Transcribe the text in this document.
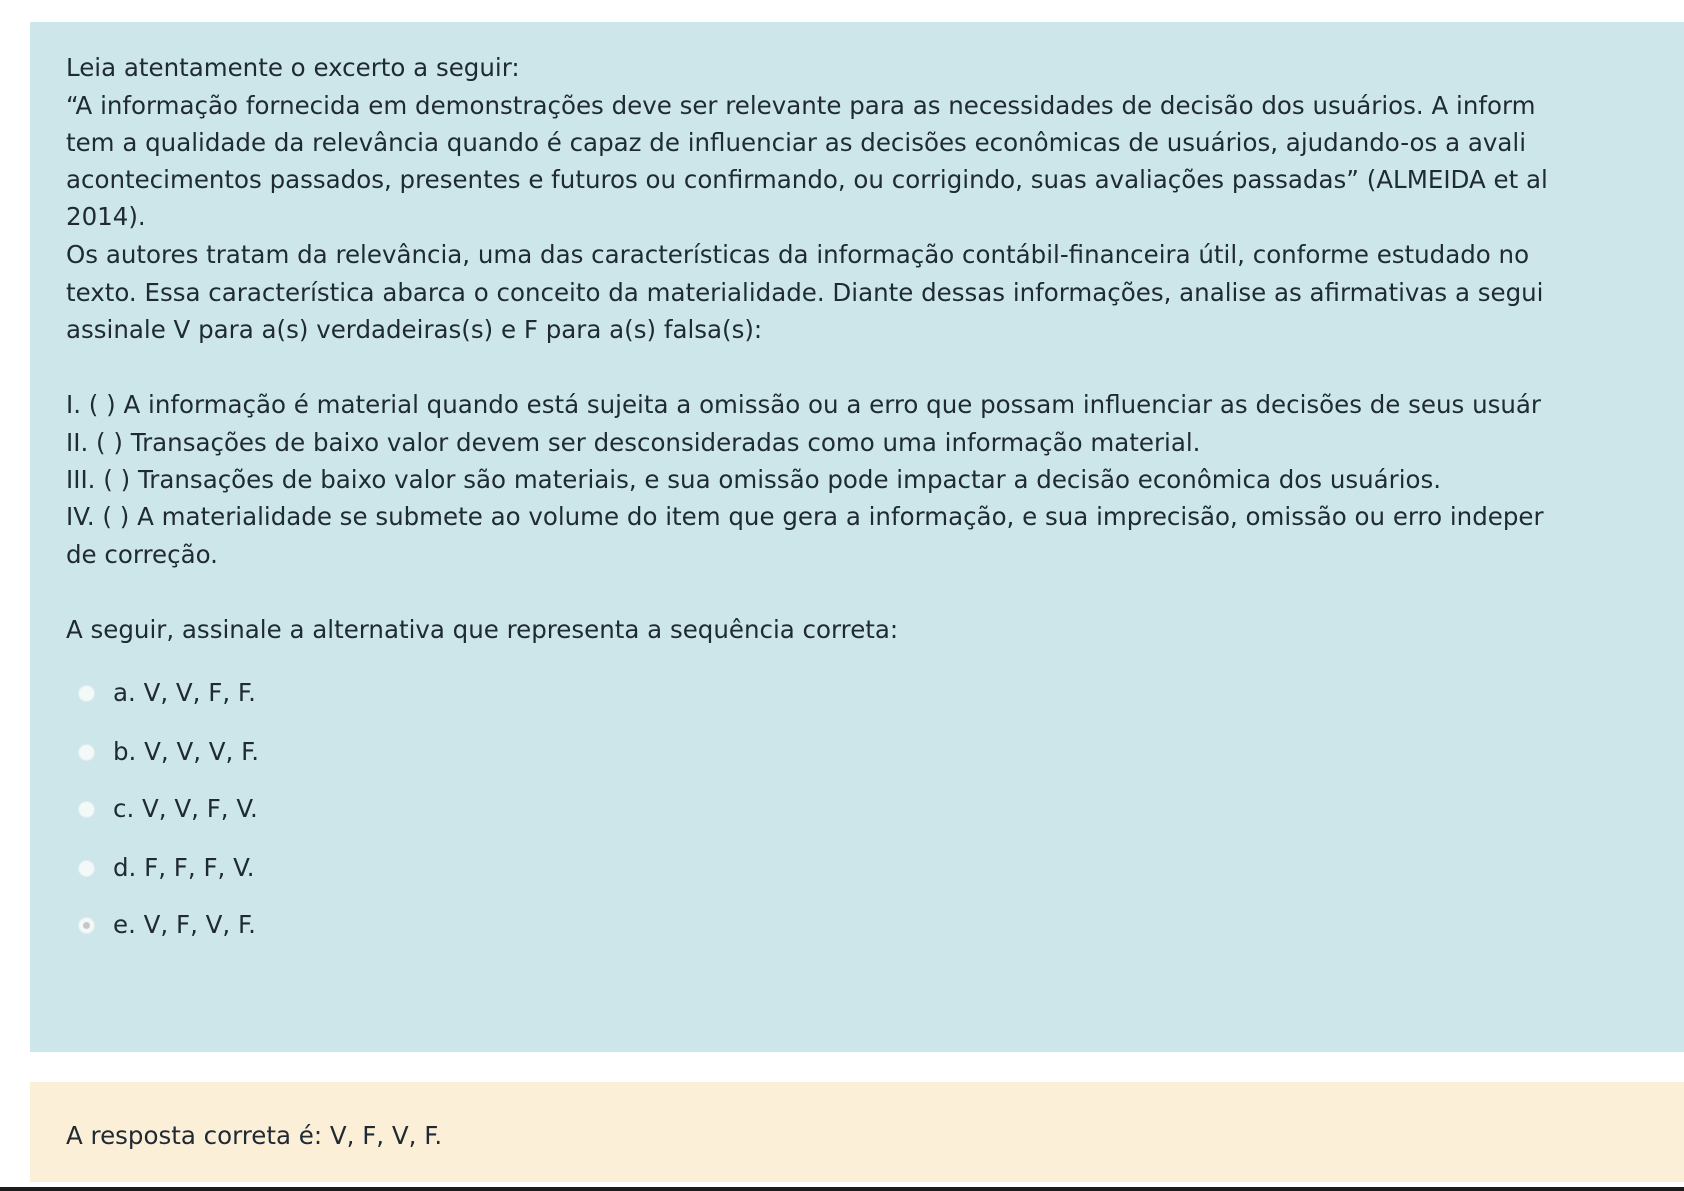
Leia atentamente o excerto a seguir:

“A informação fornecida em demonstrações deve ser relevante para as necessidades de decisão dos usuários. A inform

tem a qualidade da relevância quando é capaz de influenciar as decisões econômicas de usuários, ajudando-os a avali

acontecimentos passados, presentes e futuros ou confirmando, ou corrigindo, suas avaliações passadas” (ALMEIDA et al

2014).

Os autores tratam da relevância, uma das características da informação contábil-financeira útil, conforme estudado no

texto. Essa característica abarca o conceito da materialidade. Diante dessas informações, analise as afirmativas a segui

assinale V para a(s) verdadeiras(s) e F para a(s) falsa(s):

I. ( ) A informação é material quando está sujeita a omissão ou a erro que possam influenciar as decisões de seus usuár

II. ( ) Transações de baixo valor devem ser desconsideradas como uma informação material.

III. ( ) Transações de baixo valor são materiais, e sua omissão pode impactar a decisão econômica dos usuários.

IV. ( ) A materialidade se submete ao volume do item que gera a informação, e sua imprecisão, omissão ou erro indeper

de correção.

A seguir, assinale a alternativa que representa a sequência correta:

a. V, V, F, F.
b. V, V, V, F.
c. V, V, F, V.
d. F, F, F, V.
e. V, F, V, F.
A resposta correta é: V, F, V, F.
